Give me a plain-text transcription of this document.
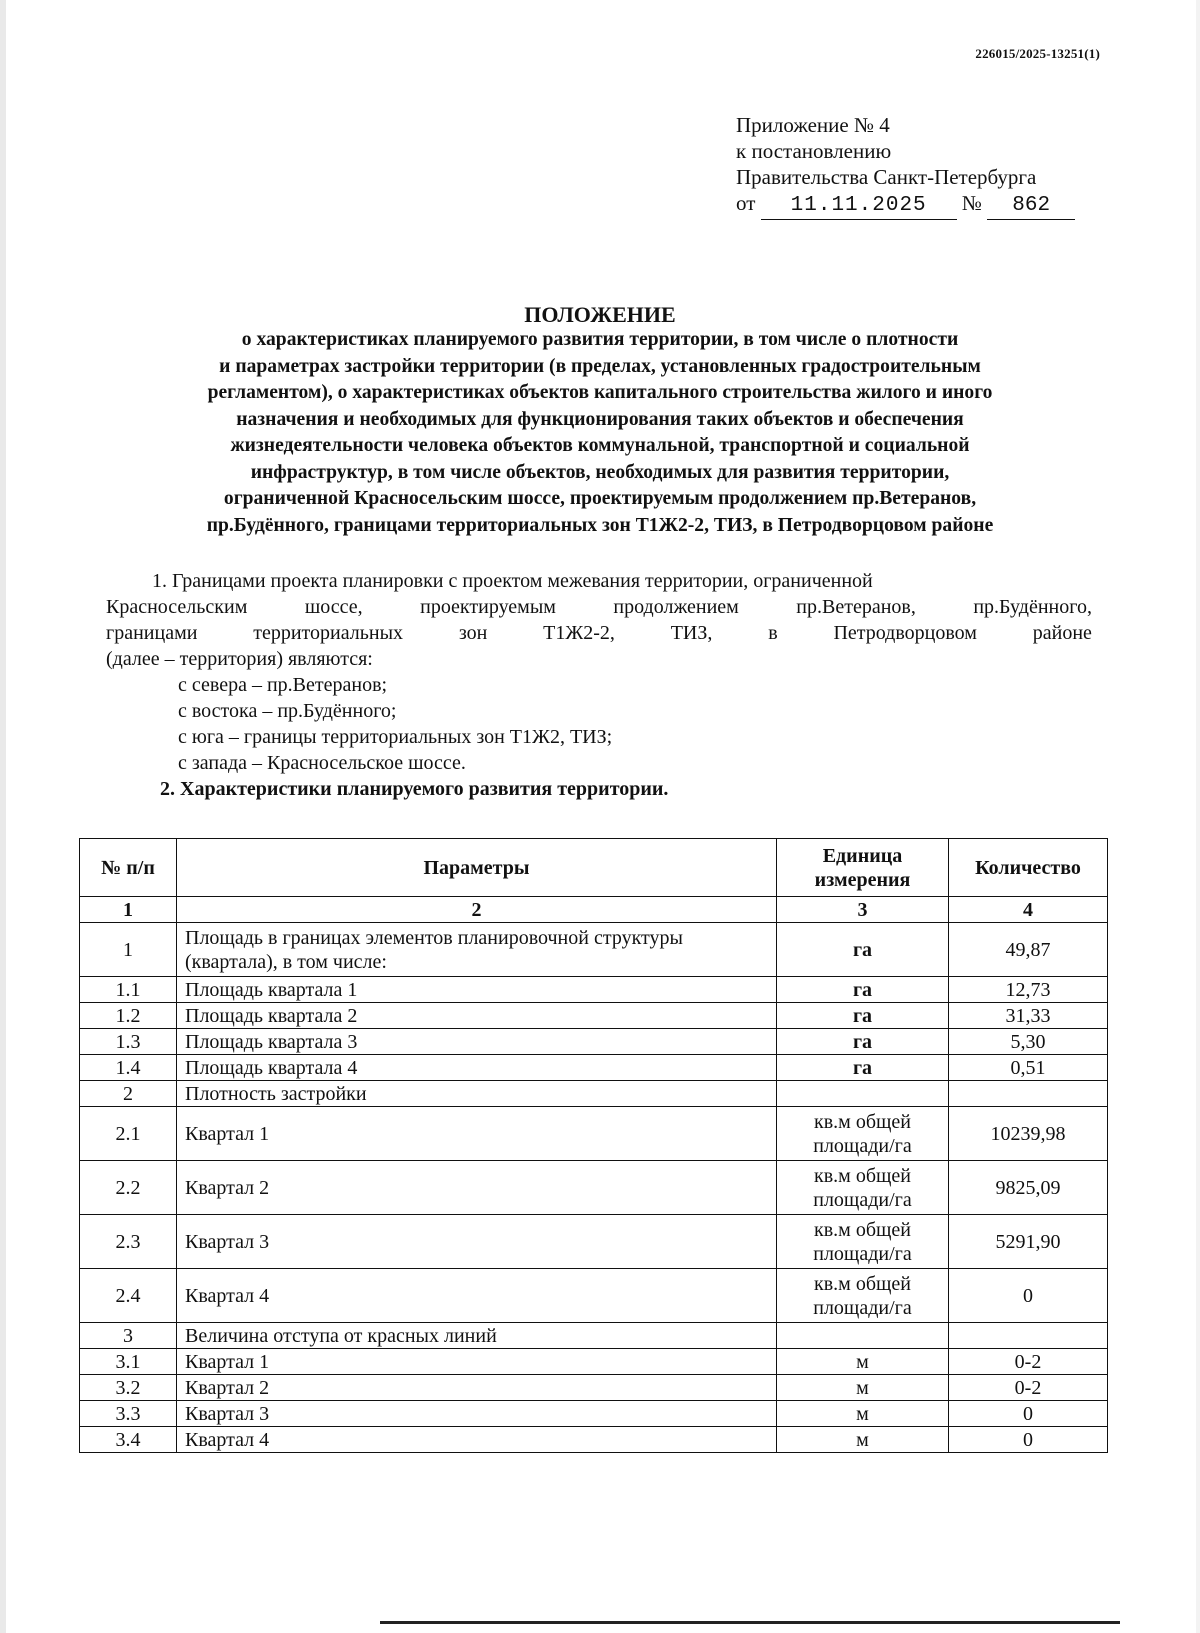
226015/2025-13251(1)
Приложение № 4
к постановлению
Правительства Санкт-Петербурга
от 11.11.2025 № 862
ПОЛОЖЕНИЕ
о характеристиках планируемого развития территории, в том числе о плотности
и параметрах застройки территории (в пределах, установленных градостроительным
регламентом), о характеристиках объектов капитального строительства жилого и иного
назначения и необходимых для функционирования таких объектов и обеспечения
жизнедеятельности человека объектов коммунальной, транспортной и социальной
инфраструктур, в том числе объектов, необходимых для развития территории,
ограниченной Красносельским шоссе, проектируемым продолжением пр.Ветеранов,
пр.Будённого, границами территориальных зон Т1Ж2-2, ТИЗ, в Петродворцовом районе
1. Границами проекта планировки с проектом межевания территории, ограниченной
Красносельским	шоссе,	проектируемым	продолжением	пр.Ветеранов,	пр.Будённого,
границами	территориальных	зон	Т1Ж2-2,	ТИЗ,	в	Петродворцовом	районе
(далее – территория) являются:
с севера – пр.Ветеранов;
с востока – пр.Будённого;
с юга – границы территориальных зон Т1Ж2, ТИЗ;
с запада – Красносельское шоссе.
2. Характеристики планируемого развития территории.
№ п/п	Параметры	Единица измерения	Количество
1	2	3	4
1	Площадь в границах элементов планировочной структуры (квартала), в том числе:	га	49,87
1.1	Площадь квартала 1	га	12,73
1.2	Площадь квартала 2	га	31,33
1.3	Площадь квартала 3	га	5,30
1.4	Площадь квартала 4	га	0,51
2	Плотность застройки		
2.1	Квартал 1	кв.м общей площади/га	10239,98
2.2	Квартал 2	кв.м общей площади/га	9825,09
2.3	Квартал 3	кв.м общей площади/га	5291,90
2.4	Квартал 4	кв.м общей площади/га	0
3	Величина отступа от красных линий		
3.1	Квартал 1	м	0-2
3.2	Квартал 2	м	0-2
3.3	Квартал 3	м	0
3.4	Квартал 4	м	0
